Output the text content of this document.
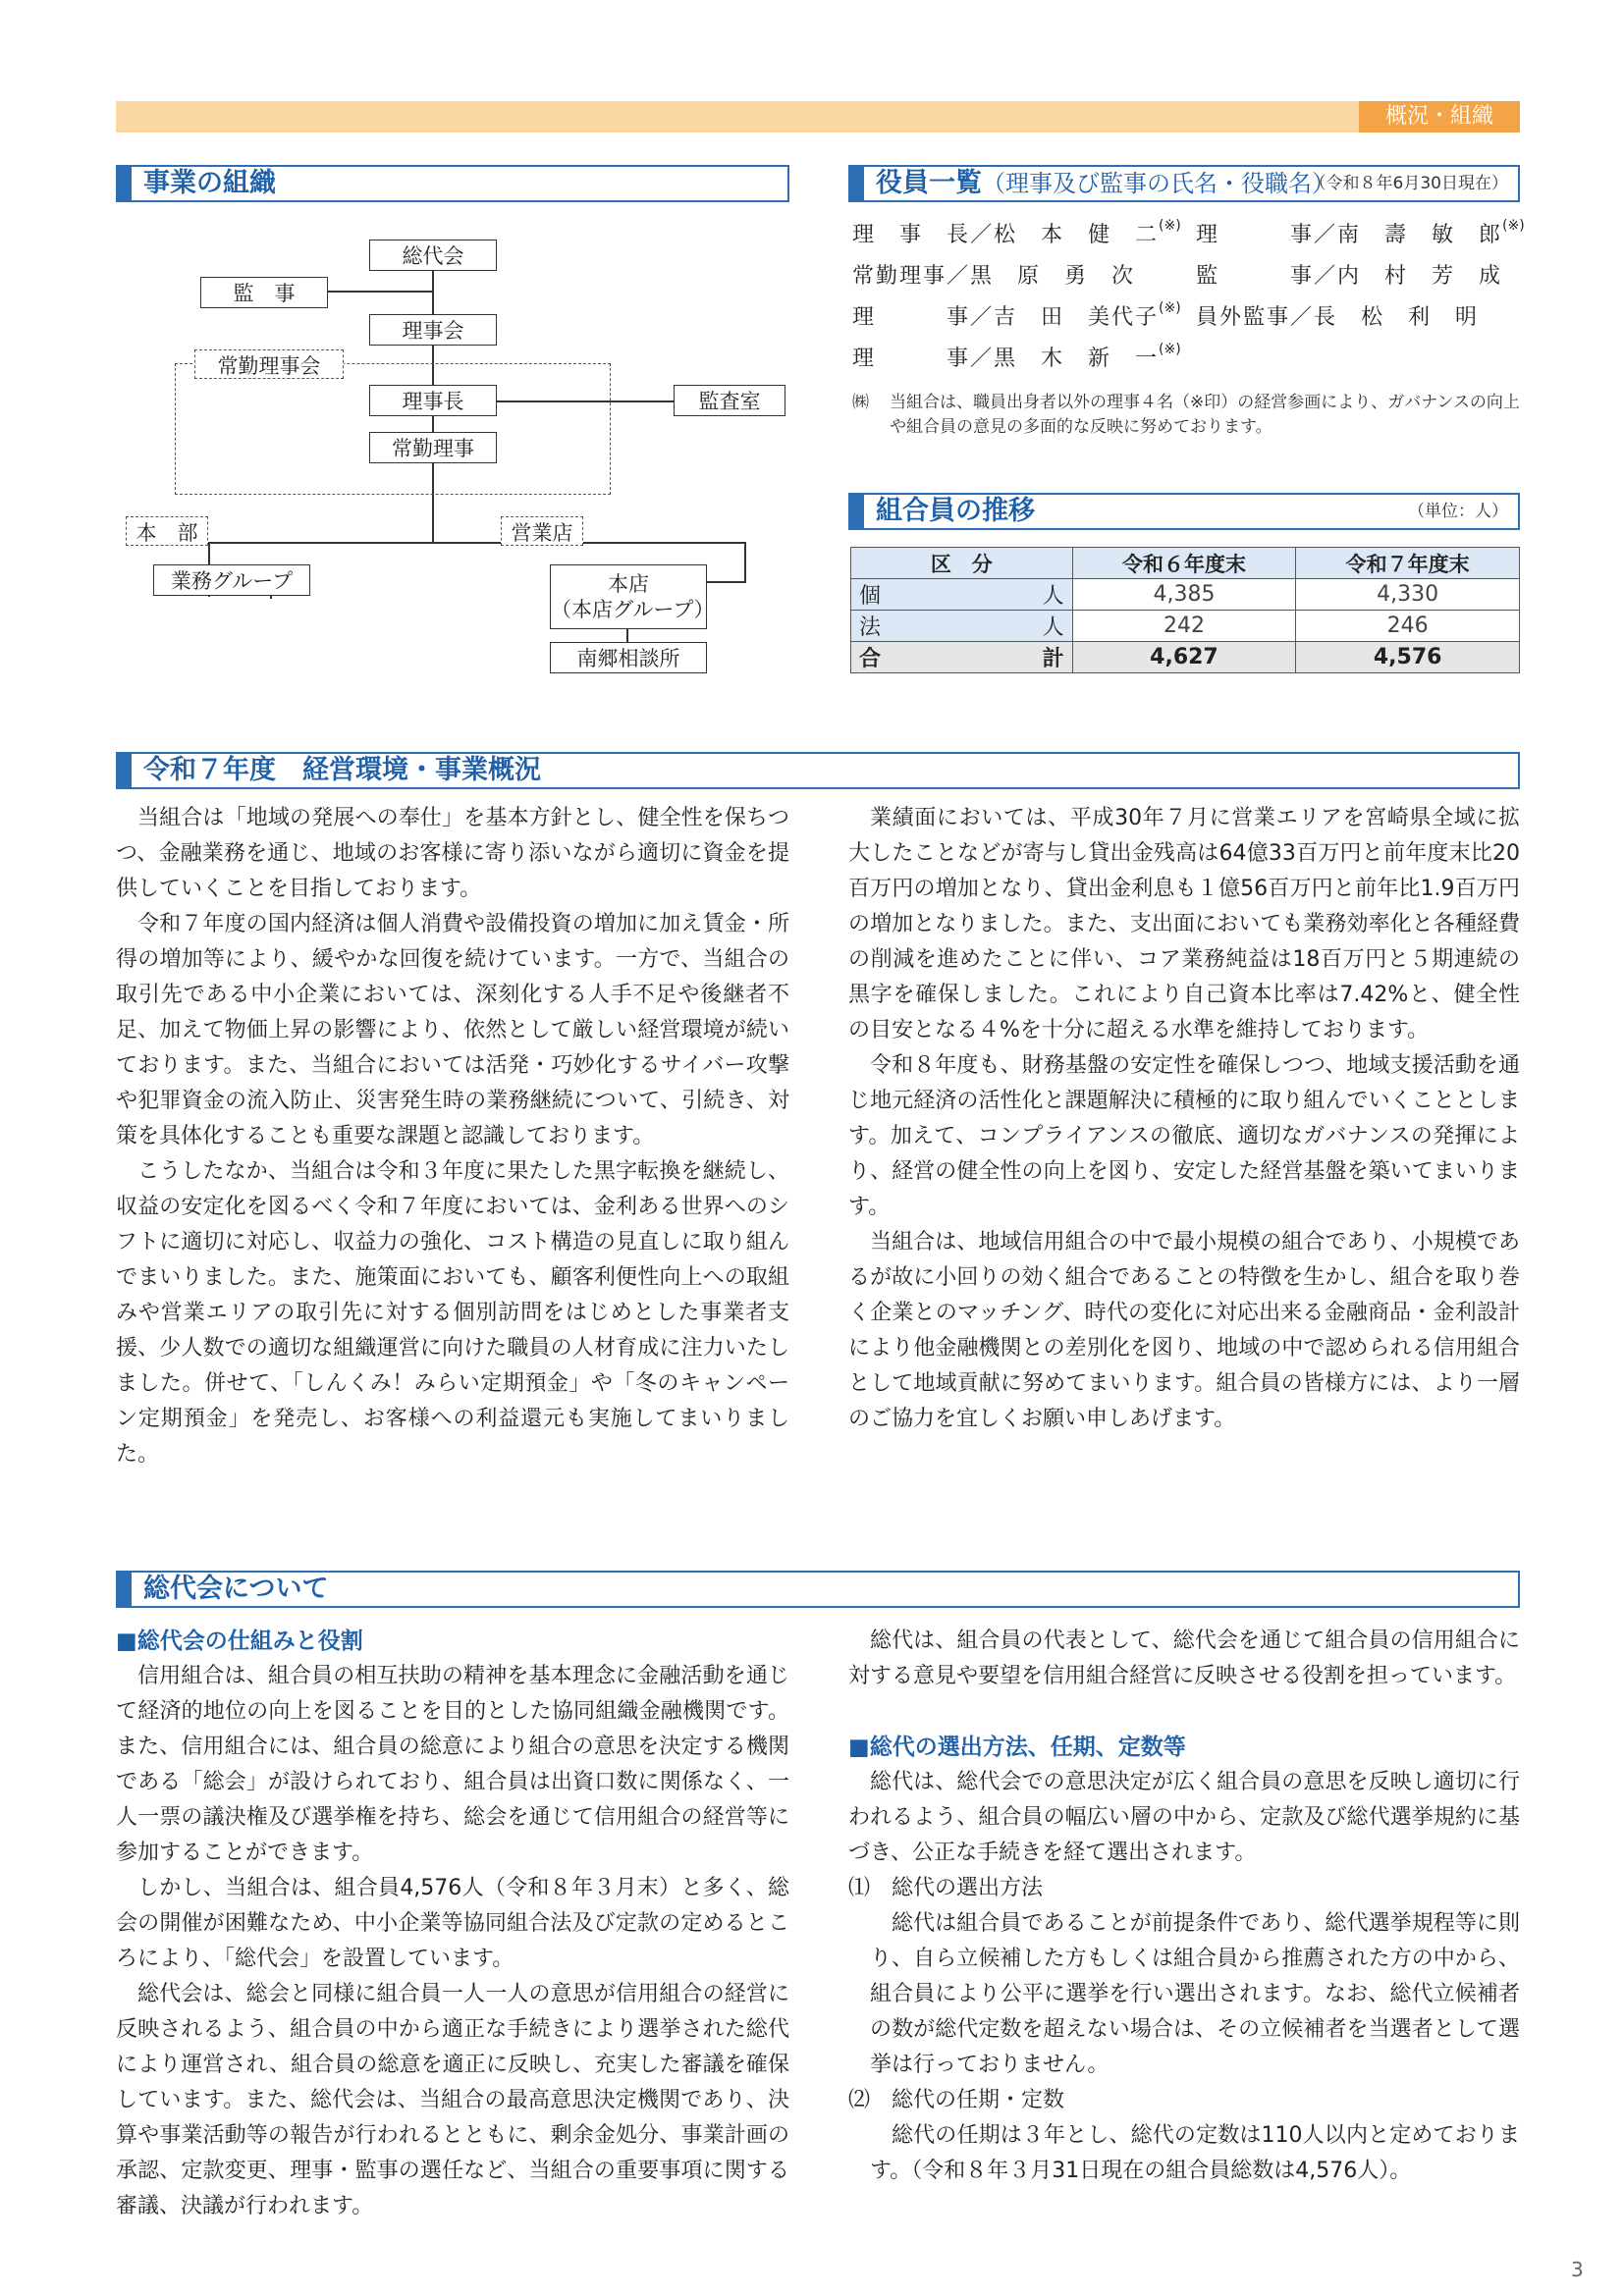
概況・組織
事業の組織
総代会
監　事
理事会
常勤理事会
理事長	監査室
常勤理事
本　部	営業店
業務グループ	本店
（本店グループ）
南郷相談所
役員一覧（理事及び監事の氏名・役職名）
（令和８年6月30日現在）
理　事　長／松　本　健　二(※) 理　　　事／南　壽　敏　郎(※)
常勤理事／黒　原　勇　次	監　　　事／内　村　芳　成
理　　　事／吉　田　美代子(※) 員外監事／長　松　利　明
理　　　事／黒　木　新　一(※)
㈱	当組合は、職員出身者以外の理事４名（※印）の経営参画により、ガバナンスの向上や組合員の意見の多面的な反映に努めております。
組合員の推移	（単位：人）
区　分	令和６年度末	令和７年度末
個人	4,385	4,330
法人	242	246
合計	4,627	4,576
令和７年度　経営環境・事業概況

当組合は「地域の発展への奉仕」を基本方針とし、健全性を保ちつつ、金融業務を通じ、地域のお客様に寄り添いながら適切に資金を提供していくことを目指しております。

令和７年度の国内経済は個人消費や設備投資の増加に加え賃金・所得の増加等により、緩やかな回復を続けています。一方で、当組合の取引先である中小企業においては、深刻化する人手不足や後継者不足、加えて物価上昇の影響により、依然として厳しい経営環境が続いております。また、当組合においては活発・巧妙化するサイバー攻撃や犯罪資金の流入防止、災害発生時の業務継続について、引続き、対策を具体化することも重要な課題と認識しております。

こうしたなか、当組合は令和３年度に果たした黒字転換を継続し、収益の安定化を図るべく令和７年度においては、金利ある世界へのシフトに適切に対応し、収益力の強化、コスト構造の見直しに取り組んでまいりました。また、施策面においても、顧客利便性向上への取組みや営業エリアの取引先に対する個別訪問をはじめとした事業者支援、少人数での適切な組織運営に向けた職員の人材育成に注力いたしました。併せて、「しんくみ！みらい定期預金」や「冬のキャンペーン定期預金」を発売し、お客様への利益還元も実施してまいりました。

業績面においては、平成30年７月に営業エリアを宮崎県全域に拡大したことなどが寄与し貸出金残高は64億33百万円と前年度末比20百万円の増加となり、貸出金利息も１億56百万円と前年比1.9百万円の増加となりました。また、支出面においても業務効率化と各種経費の削減を進めたことに伴い、コア業務純益は18百万円と５期連続の黒字を確保しました。これにより自己資本比率は7.42%と、健全性の目安となる４%を十分に超える水準を維持しております。

令和８年度も、財務基盤の安定性を確保しつつ、地域支援活動を通じ地元経済の活性化と課題解決に積極的に取り組んでいくこととします。加えて、コンプライアンスの徹底、適切なガバナンスの発揮により、経営の健全性の向上を図り、安定した経営基盤を築いてまいります。

当組合は、地域信用組合の中で最小規模の組合であり、小規模であるが故に小回りの効く組合であることの特徴を生かし、組合を取り巻く企業とのマッチング、時代の変化に対応出来る金融商品・金利設計により他金融機関との差別化を図り、地域の中で認められる信用組合として地域貢献に努めてまいります。組合員の皆様方には、より一層のご協力を宜しくお願い申しあげます。

総代会について
■総代会の仕組みと役割

信用組合は、組合員の相互扶助の精神を基本理念に金融活動を通じて経済的地位の向上を図ることを目的とした協同組織金融機関です。また、信用組合には、組合員の総意により組合の意思を決定する機関である「総会」が設けられており、組合員は出資口数に関係なく、一人一票の議決権及び選挙権を持ち、総会を通じて信用組合の経営等に参加することができます。

しかし、当組合は、組合員4,576人（令和８年３月末）と多く、総会の開催が困難なため、中小企業等協同組合法及び定款の定めるところにより、「総代会」を設置しています。

総代会は、総会と同様に組合員一人一人の意思が信用組合の経営に反映されるよう、組合員の中から適正な手続きにより選挙された総代により運営され、組合員の総意を適正に反映し、充実した審議を確保しています。また、総代会は、当組合の最高意思決定機関であり、決算や事業活動等の報告が行われるとともに、剰余金処分、事業計画の承認、定款変更、理事・監事の選任など、当組合の重要事項に関する審議、決議が行われます。

総代は、組合員の代表として、総代会を通じて組合員の信用組合に対する意見や要望を信用組合経営に反映させる役割を担っています。

■総代の選出方法、任期、定数等

総代は、総代会での意思決定が広く組合員の意思を反映し適切に行われるよう、組合員の幅広い層の中から、定款及び総代選挙規約に基づき、公正な手続きを経て選出されます。

⑴　総代の選出方法

総代は組合員であることが前提条件であり、総代選挙規程等に則り、自ら立候補した方もしくは組合員から推薦された方の中から、組合員により公平に選挙を行い選出されます。なお、総代立候補者の数が総代定数を超えない場合は、その立候補者を当選者として選挙は行っておりません。

⑵　総代の任期・定数

総代の任期は３年とし、総代の定数は110人以内と定めております。（令和８年３月31日現在の組合員総数は4,576人）。

3
